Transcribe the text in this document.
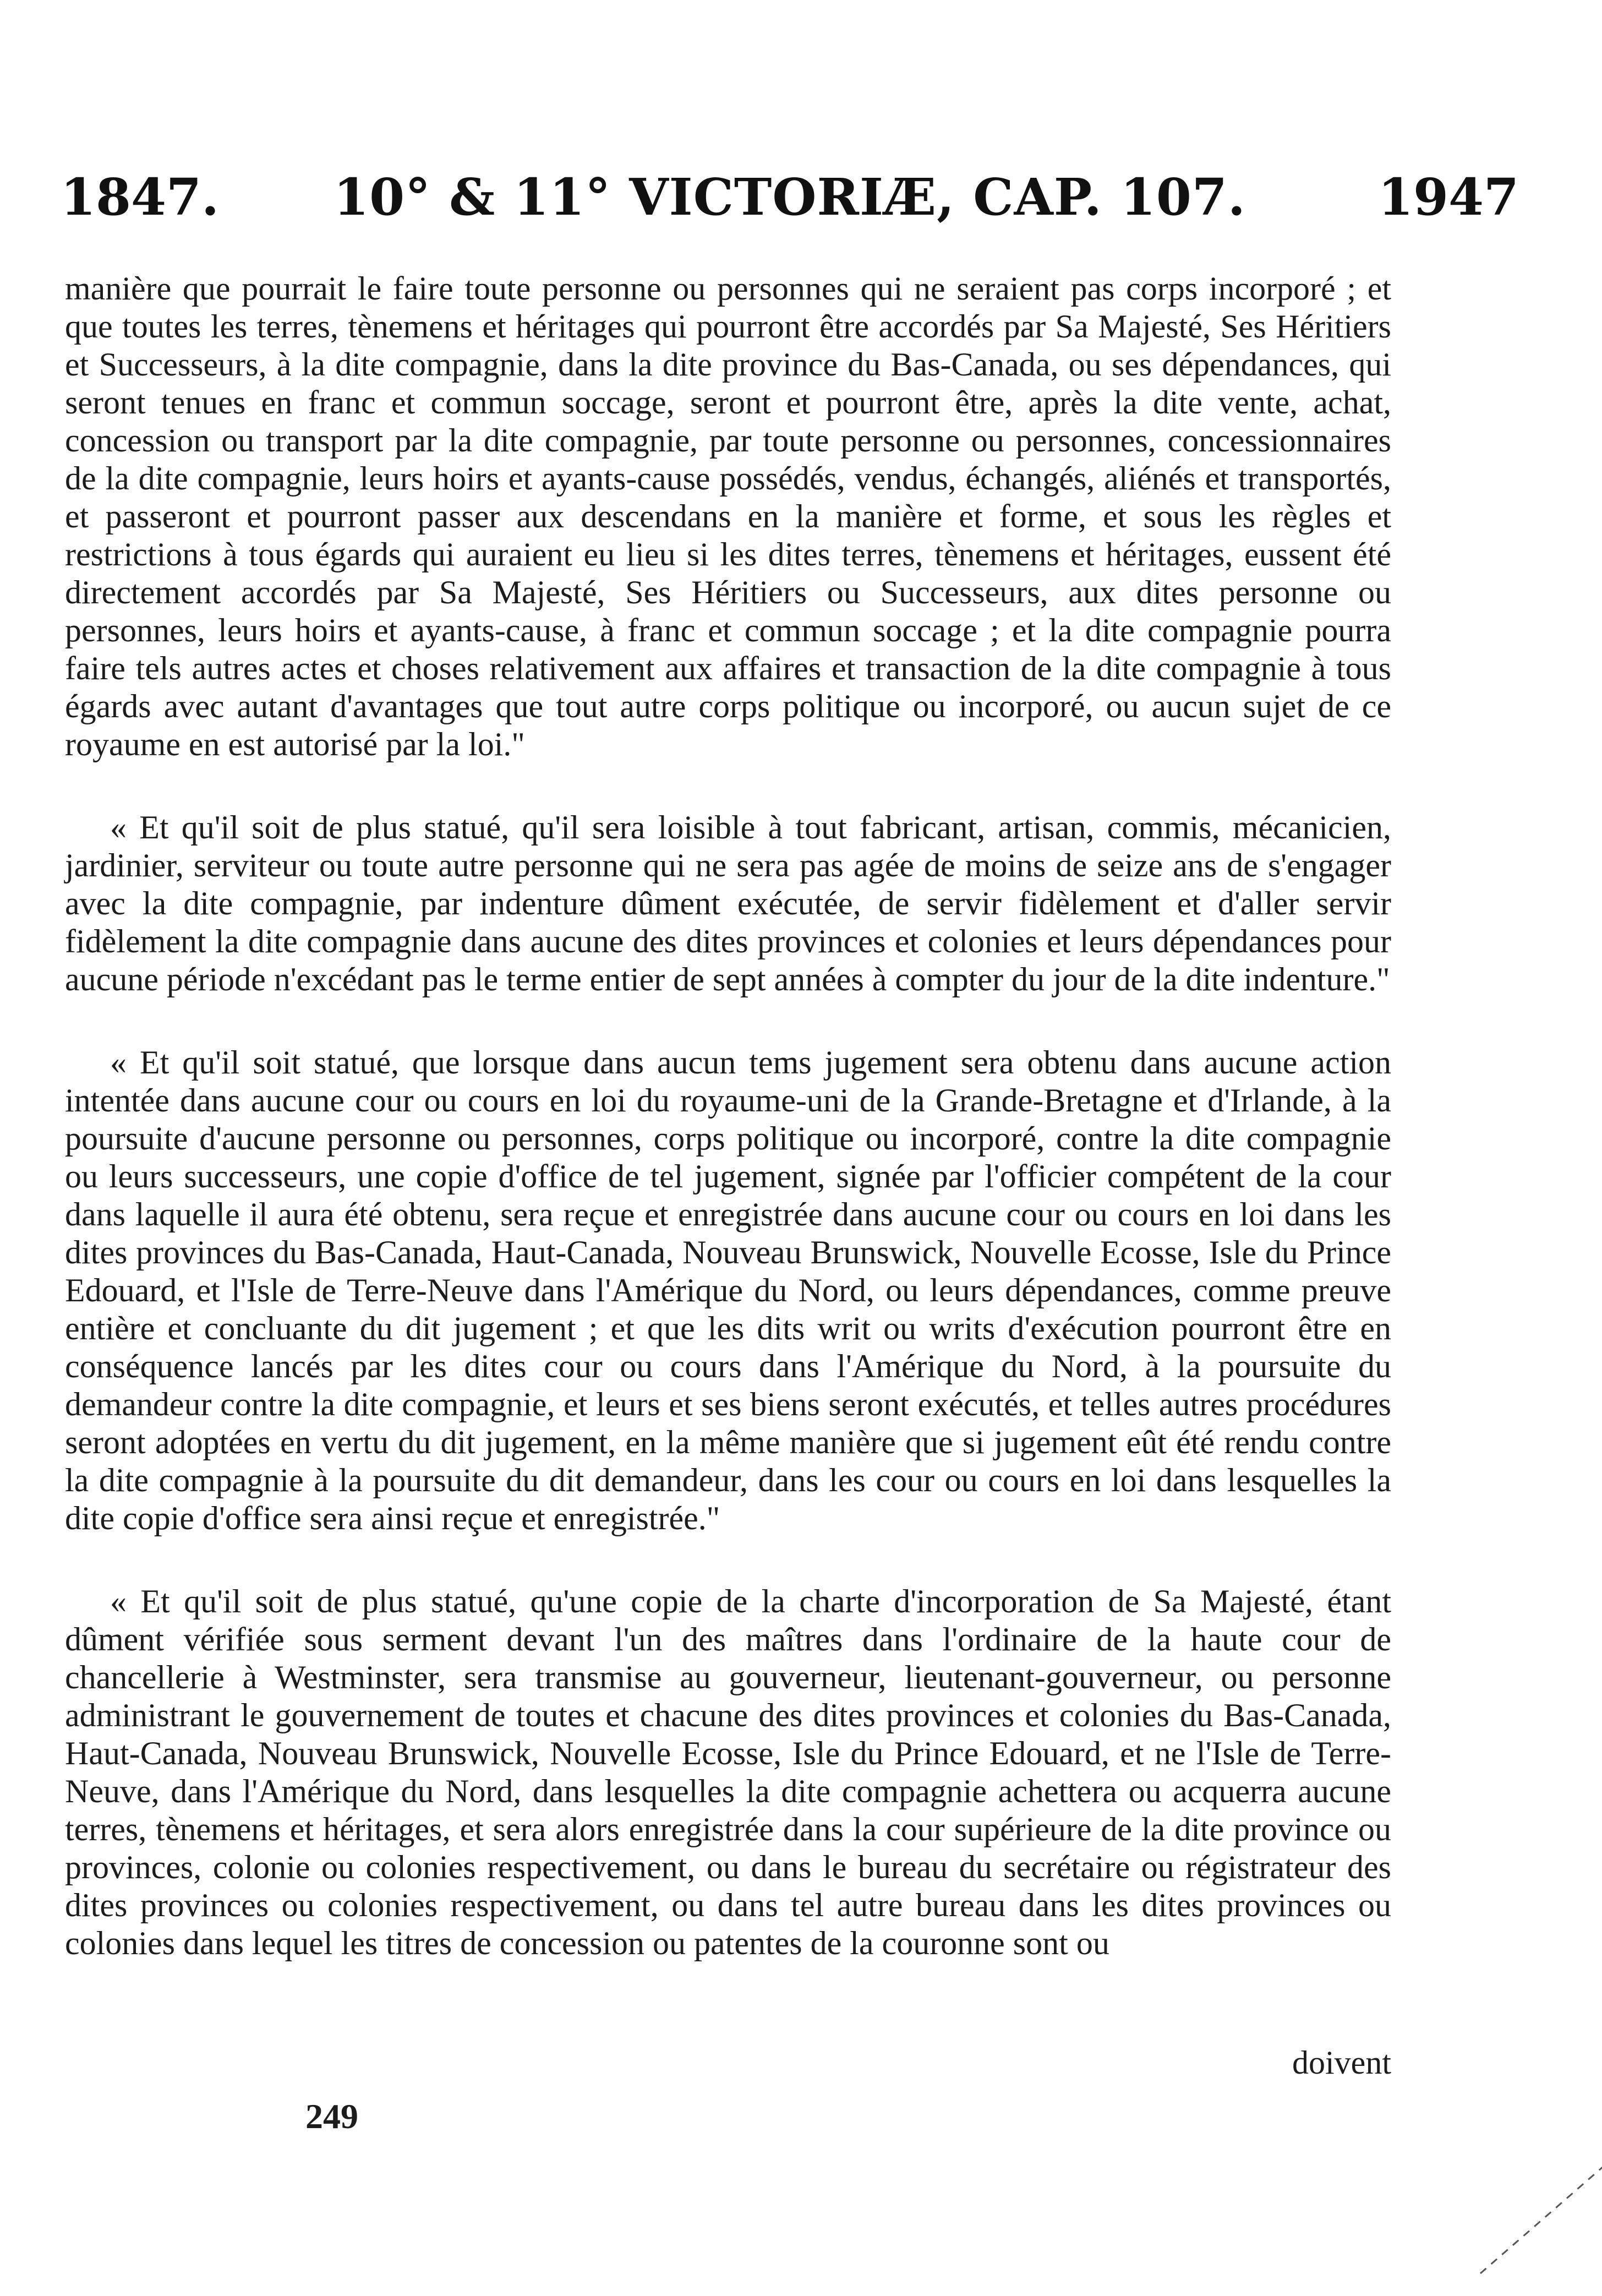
1847.	10° & 11° VICTORIÆ, CAP. 107.	1947

manière que pourrait le faire toute personne ou personnes qui ne seraient pas corps incorporé ; et que toutes les terres, tènemens et héritages qui pourront être accordés par Sa Majesté, Ses Héritiers et Successeurs, à la dite compagnie, dans la dite province du Bas-Canada, ou ses dépendances, qui seront tenues en franc et commun soccage, seront et pourront être, après la dite vente, achat, concession ou transport par la dite compagnie, par toute personne ou personnes, concessionnaires de la dite compagnie, leurs hoirs et ayants-cause possédés, vendus, échangés, aliénés et transportés, et passeront et pourront passer aux descendans en la manière et forme, et sous les règles et restrictions à tous égards qui auraient eu lieu si les dites terres, tènemens et héritages, eussent été directement accordés par Sa Majesté, Ses Héritiers ou Successeurs, aux dites personne ou personnes, leurs hoirs et ayants-cause, à franc et commun soccage ; et la dite compagnie pourra faire tels autres actes et choses relativement aux affaires et transaction de la dite compagnie à tous égards avec autant d'avantages que tout autre corps politique ou incorporé, ou aucun sujet de ce royaume en est autorisé par la loi."

« Et qu'il soit de plus statué, qu'il sera loisible à tout fabricant, artisan, commis, mécanicien, jardinier, serviteur ou toute autre personne qui ne sera pas agée de moins de seize ans de s'engager avec la dite compagnie, par indenture dûment exécutée, de servir fidèlement et d'aller servir fidèlement la dite compagnie dans aucune des dites provinces et colonies et leurs dépendances pour aucune période n'excédant pas le terme entier de sept années à compter du jour de la dite indenture."

« Et qu'il soit statué, que lorsque dans aucun tems jugement sera obtenu dans aucune action intentée dans aucune cour ou cours en loi du royaume-uni de la Grande-Bretagne et d'Irlande, à la poursuite d'aucune personne ou personnes, corps politique ou incorporé, contre la dite compagnie ou leurs successeurs, une copie d'office de tel jugement, signée par l'officier compétent de la cour dans laquelle il aura été obtenu, sera reçue et enregistrée dans aucune cour ou cours en loi dans les dites provinces du Bas-Canada, Haut-Canada, Nouveau Brunswick, Nouvelle Ecosse, Isle du Prince Edouard, et l'Isle de Terre-Neuve dans l'Amérique du Nord, ou leurs dépendances, comme preuve entière et concluante du dit jugement ; et que les dits writ ou writs d'exécution pourront être en conséquence lancés par les dites cour ou cours dans l'Amérique du Nord, à la poursuite du demandeur contre la dite compagnie, et leurs et ses biens seront exécutés, et telles autres procédures seront adoptées en vertu du dit jugement, en la même manière que si jugement eût été rendu contre la dite compagnie à la poursuite du dit demandeur, dans les cour ou cours en loi dans lesquelles la dite copie d'office sera ainsi reçue et enregistrée."

« Et qu'il soit de plus statué, qu'une copie de la charte d'incorporation de Sa Majesté, étant dûment vérifiée sous serment devant l'un des maîtres dans l'ordinaire de la haute cour de chancellerie à Westminster, sera transmise au gouverneur, lieutenant-gouverneur, ou personne administrant le gouvernement de toutes et chacune des dites provinces et colonies du Bas-Canada, Haut-Canada, Nouveau Brunswick, Nouvelle Ecosse, Isle du Prince Edouard, et ne l'Isle de Terre-Neuve, dans l'Amérique du Nord, dans lesquelles la dite compagnie achettera ou acquerra aucune terres, tènemens et héritages, et sera alors enregistrée dans la cour supérieure de la dite province ou provinces, colonie ou colonies respectivement, ou dans le bureau du secrétaire ou régistrateur des dites provinces ou colonies respectivement, ou dans tel autre bureau dans les dites provinces ou colonies dans lequel les titres de concession ou patentes de la couronne sont ou

doivent
249
